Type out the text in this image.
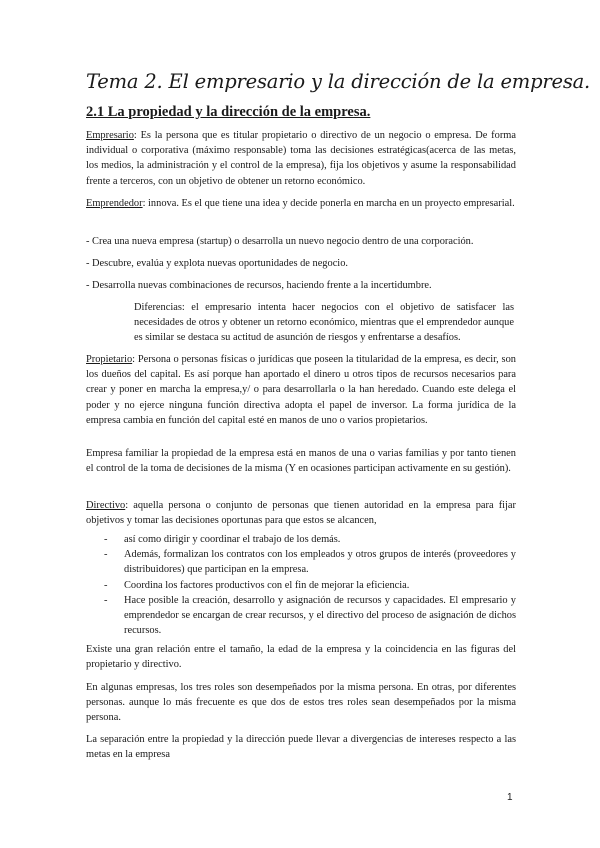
Tema 2. El empresario y la dirección de la empresa.
2.1 La propiedad y la dirección de la empresa.
Empresario: Es la persona que es titular propietario o directivo de un negocio o empresa. De forma individual o corporativa (máximo responsable) toma las decisiones estratégicas(acerca de las metas, los medios, la administración y el control de la empresa), fija los objetivos y asume la responsabilidad frente a terceros, con un objetivo de obtener un retorno económico.
Emprendedor: innova. Es el que tiene una idea y decide ponerla en marcha en un proyecto empresarial.
- Crea una nueva empresa (startup) o desarrolla un nuevo negocio dentro de una corporación.
- Descubre, evalúa y explota nuevas oportunidades de negocio.
- Desarrolla nuevas combinaciones de recursos, haciendo frente a la incertidumbre.
Diferencias: el empresario intenta hacer negocios con el objetivo de satisfacer las necesidades de otros y obtener un retorno económico, mientras que el emprendedor aunque es similar se destaca su actitud de asunción de riesgos y enfrentarse a desafíos.
Propietario: Persona o personas físicas o jurídicas que poseen la titularidad de la empresa, es decir, son los dueños del capital. Es así porque han aportado el dinero u otros tipos de recursos necesarios para crear y poner en marcha la empresa,y/ o para desarrollarla o la han heredado. Cuando este delega el poder y no ejerce ninguna función directiva adopta el papel de inversor. La forma jurídica de la empresa cambia en función del capital esté en manos de uno o varios propietarios.
Empresa familiar la propiedad de la empresa está en manos de una o varias familias y por tanto tienen el control de la toma de decisiones de la misma (Y en ocasiones participan activamente en su gestión).
Directivo: aquella persona o conjunto de personas que tienen autoridad en la empresa para fijar objetivos y tomar las decisiones oportunas para que estos se alcancen,
- así como dirigir y coordinar el trabajo de los demás.
- Además, formalizan los contratos con los empleados y otros grupos de interés (proveedores y distribuidores) que participan en la empresa.
- Coordina los factores productivos con el fin de mejorar la eficiencia.
- Hace posible la creación, desarrollo y asignación de recursos y capacidades. El empresario y emprendedor se encargan de crear recursos, y el directivo del proceso de asignación de dichos recursos.
Existe una gran relación entre el tamaño, la edad de la empresa y la coincidencia en las figuras del propietario y directivo.
En algunas empresas, los tres roles son desempeñados por la misma persona. En otras, por diferentes personas. aunque lo más frecuente es que dos de estos tres roles sean desempeñados por la misma persona.
La separación entre la propiedad y la dirección puede llevar a divergencias de intereses respecto a las metas en la empresa
1
